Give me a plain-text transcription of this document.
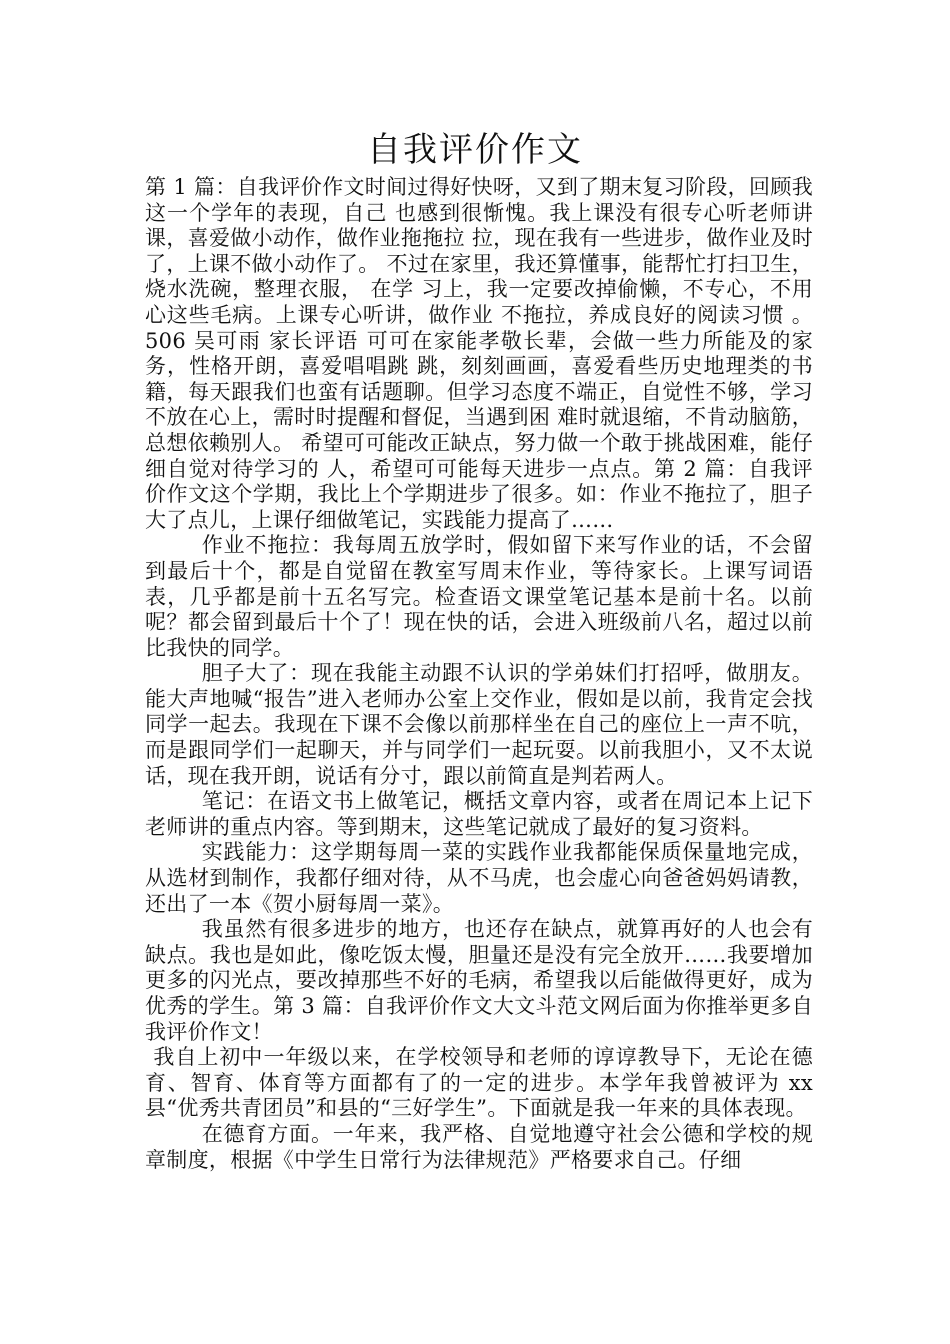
自我评价作文

第 1 篇：自我评价作文时间过得好快呀，又到了期末复习阶段，回顾我这一个学年的表现，自己 也感到很惭愧。我上课没有很专心听老师讲课，喜爱做小动作，做作业拖拖拉 拉，现在我有一些进步，做作业及时了，上课不做小动作了。 不过在家里，我还算懂事，能帮忙打扫卫生，烧水洗碗，整理衣服， 在学 习上，我一定要改掉偷懒，不专心，不用心这些毛病。上课专心听讲，做作业 不拖拉，养成良好的阅读习惯 。 506 吴可雨 家长评语 可可在家能孝敬长辈，会做一些力所能及的家务，性格开朗，喜爱唱唱跳 跳，刻刻画画，喜爱看些历史地理类的书籍，每天跟我们也蛮有话题聊。但学习态度不端正，自觉性不够，学习不放在心上，需时时提醒和督促，当遇到困 难时就退缩，不肯动脑筋，总想依赖别人。 希望可可能改正缺点，努力做一个敢于挑战困难，能仔细自觉对待学习的 人，希望可可能每天进步一点点。第 2 篇：自我评价作文这个学期，我比上个学期进步了很多。如：作业不拖拉了，胆子大了点儿，上课仔细做笔记，实践能力提高了……

作业不拖拉：我每周五放学时，假如留下来写作业的话，不会留到最后十个，都是自觉留在教室写周末作业，等待家长。上课写词语表，几乎都是前十五名写完。检查语文课堂笔记基本是前十名。以前呢？都会留到最后十个了！现在快的话，会进入班级前八名，超过以前比我快的同学。

胆子大了：现在我能主动跟不认识的学弟妹们打招呼，做朋友。能大声地喊“报告”进入老师办公室上交作业，假如是以前，我肯定会找同学一起去。我现在下课不会像以前那样坐在自己的座位上一声不吭，而是跟同学们一起聊天，并与同学们一起玩耍。以前我胆小，又不太说话，现在我开朗，说话有分寸，跟以前简直是判若两人。

笔记：在语文书上做笔记，概括文章内容，或者在周记本上记下老师讲的重点内容。等到期末，这些笔记就成了最好的复习资料。

实践能力：这学期每周一菜的实践作业我都能保质保量地完成，从选材到制作，我都仔细对待，从不马虎，也会虚心向爸爸妈妈请教，还出了一本《贺小厨每周一菜》。

我虽然有很多进步的地方，也还存在缺点，就算再好的人也会有缺点。我也是如此，像吃饭太慢，胆量还是没有完全放开……我要增加更多的闪光点，要改掉那些不好的毛病，希望我以后能做得更好，成为优秀的学生。第 3 篇：自我评价作文大文斗范文网后面为你推举更多自我评价作文！

我自上初中一年级以来，在学校领导和老师的谆谆教导下，无论在德育、智育、体育等方面都有了的一定的进步。本学年我曾被评为 xx 县“优秀共青团员”和县的“三好学生”。下面就是我一年来的具体表现。

在德育方面。一年来，我严格、自觉地遵守社会公德和学校的规章制度，根据《中学生日常行为法律规范》严格要求自己。仔细
